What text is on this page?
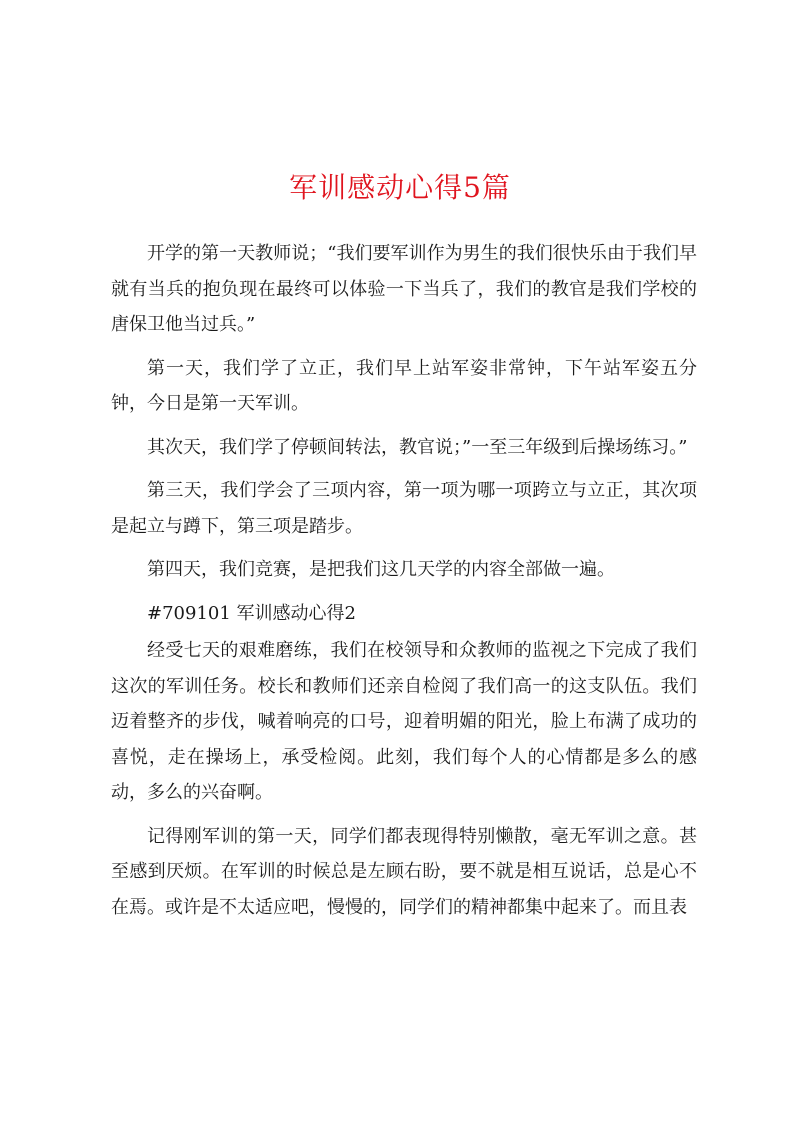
军训感动心得5篇

开学的第一天教师说；“我们要军训作为男生的我们很快乐由于我们早就有当兵的抱负现在最终可以体验一下当兵了，我们的教官是我们学校的唐保卫他当过兵。”

第一天，我们学了立正，我们早上站军姿非常钟，下午站军姿五分钟，今日是第一天军训。

其次天，我们学了停顿间转法，教官说；”一至三年级到后操场练习。”

第三天，我们学会了三项内容，第一项为哪一项跨立与立正，其次项是起立与蹲下，第三项是踏步。

第四天，我们竞赛，是把我们这几天学的内容全部做一遍。

#709101 军训感动心得2

经受七天的艰难磨练，我们在校领导和众教师的监视之下完成了我们这次的军训任务。校长和教师们还亲自检阅了我们高一的这支队伍。我们迈着整齐的步伐，喊着响亮的口号，迎着明媚的阳光，脸上布满了成功的喜悦，走在操场上，承受检阅。此刻，我们每个人的心情都是多么的感动，多么的兴奋啊。

记得刚军训的第一天，同学们都表现得特别懒散，毫无军训之意。甚至感到厌烦。在军训的时候总是左顾右盼，要不就是相互说话，总是心不在焉。或许是不太适应吧，慢慢的，同学们的精神都集中起来了。而且表
